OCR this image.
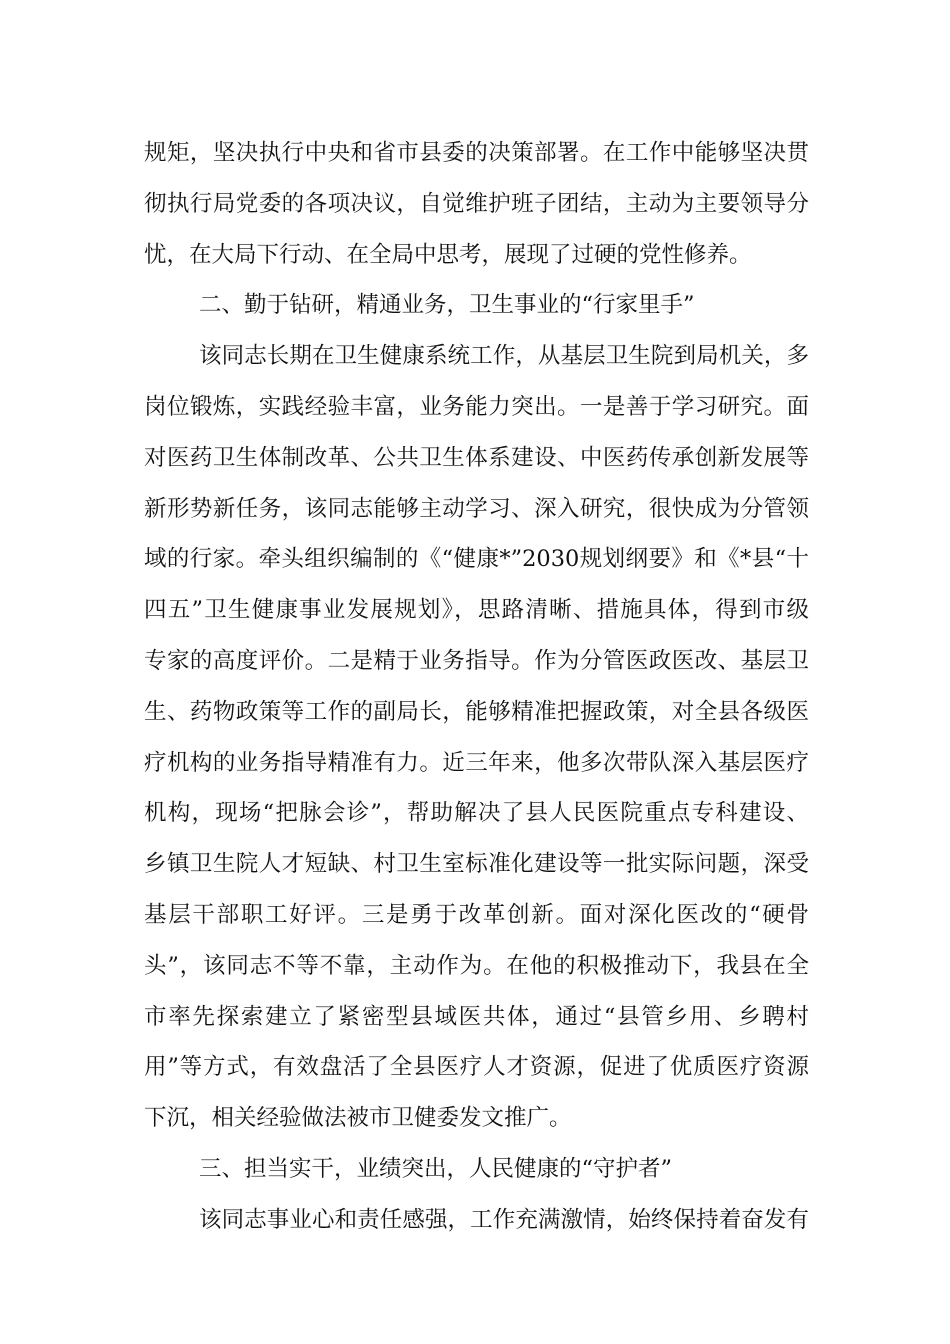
规矩，坚决执行中央和省市县委的决策部署。在工作中能够坚决贯
彻执行局党委的各项决议，自觉维护班子团结，主动为主要领导分
忧，在大局下行动、在全局中思考，展现了过硬的党性修养。
二、勤于钻研，精通业务，卫生事业的“行家里手”
该同志长期在卫生健康系统工作，从基层卫生院到局机关，多
岗位锻炼，实践经验丰富，业务能力突出。一是善于学习研究。面
对医药卫生体制改革、公共卫生体系建设、中医药传承创新发展等
新形势新任务，该同志能够主动学习、深入研究，很快成为分管领
域的行家。牵头组织编制的《“健康*”2030规划纲要》和《*县“十
四五”卫生健康事业发展规划》，思路清晰、措施具体，得到市级
专家的高度评价。二是精于业务指导。作为分管医政医改、基层卫
生、药物政策等工作的副局长，能够精准把握政策，对全县各级医
疗机构的业务指导精准有力。近三年来，他多次带队深入基层医疗
机构，现场“把脉会诊”，帮助解决了县人民医院重点专科建设、
乡镇卫生院人才短缺、村卫生室标准化建设等一批实际问题，深受
基层干部职工好评。三是勇于改革创新。面对深化医改的“硬骨
头”，该同志不等不靠，主动作为。在他的积极推动下，我县在全
市率先探索建立了紧密型县域医共体，通过“县管乡用、乡聘村
用”等方式，有效盘活了全县医疗人才资源，促进了优质医疗资源
下沉，相关经验做法被市卫健委发文推广。
三、担当实干，业绩突出，人民健康的“守护者”
该同志事业心和责任感强，工作充满激情，始终保持着奋发有
